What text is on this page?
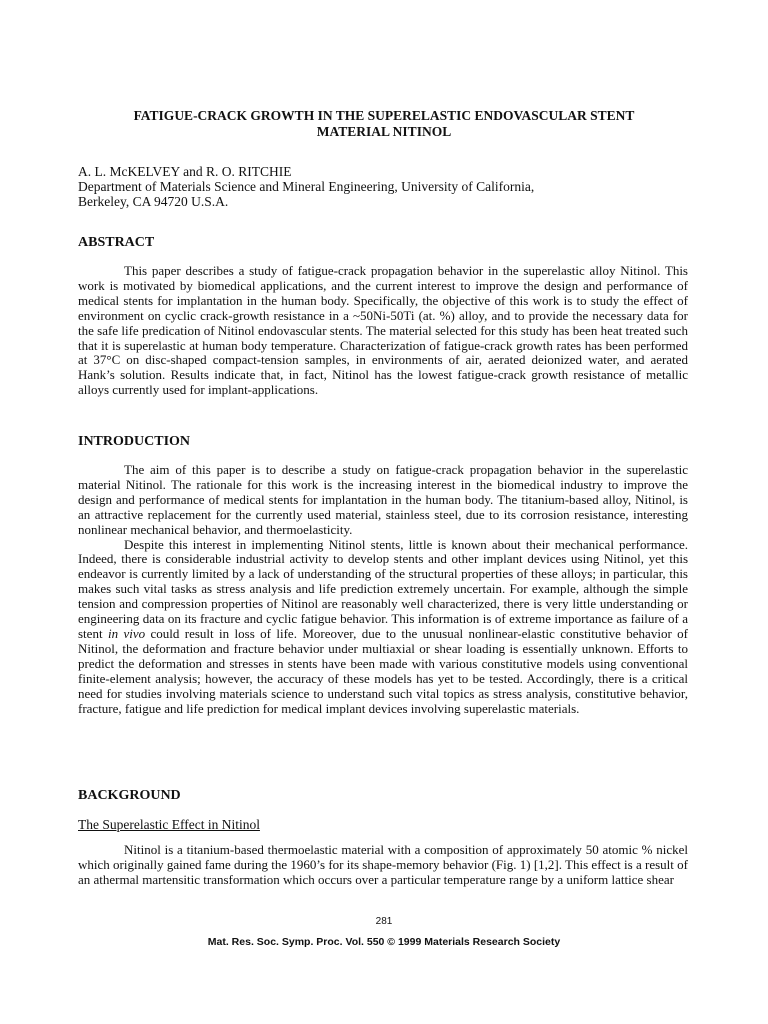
FATIGUE-CRACK GROWTH IN THE SUPERELASTIC ENDOVASCULAR STENT
MATERIAL NITINOL
A. L. McKELVEY and R. O. RITCHIE
Department of Materials Science and Mineral Engineering, University of California,
Berkeley, CA 94720 U.S.A.
ABSTRACT
This paper describes a study of fatigue-crack propagation behavior in the superelastic alloy Nitinol. This work is motivated by biomedical applications, and the current interest to improve the design and performance of medical stents for implantation in the human body. Specifically, the objective of this work is to study the effect of environment on cyclic crack-growth resistance in a ~50Ni-50Ti (at. %) alloy, and to provide the necessary data for the safe life predication of Nitinol endovascular stents. The material selected for this study has been heat treated such that it is superelastic at human body temperature. Characterization of fatigue-crack growth rates has been performed at 37°C on disc-shaped compact-tension samples, in environments of air, aerated deionized water, and aerated Hank’s solution. Results indicate that, in fact, Nitinol has the lowest fatigue-crack growth resistance of metallic alloys currently used for implant-applications.
INTRODUCTION

The aim of this paper is to describe a study on fatigue-crack propagation behavior in the superelastic material Nitinol. The rationale for this work is the increasing interest in the biomedical industry to improve the design and performance of medical stents for implantation in the human body. The titanium-based alloy, Nitinol, is an attractive replacement for the currently used material, stainless steel, due to its corrosion resistance, interesting nonlinear mechanical behavior, and thermoelasticity.

Despite this interest in implementing Nitinol stents, little is known about their mechanical performance. Indeed, there is considerable industrial activity to develop stents and other implant devices using Nitinol, yet this endeavor is currently limited by a lack of understanding of the structural properties of these alloys; in particular, this makes such vital tasks as stress analysis and life prediction extremely uncertain. For example, although the simple tension and compression properties of Nitinol are reasonably well characterized, there is very little understanding or engineering data on its fracture and cyclic fatigue behavior. This information is of extreme importance as failure of a stent in vivo could result in loss of life. Moreover, due to the unusual nonlinear-elastic constitutive behavior of Nitinol, the deformation and fracture behavior under multiaxial or shear loading is essentially unknown. Efforts to predict the deformation and stresses in stents have been made with various constitutive models using conventional finite-element analysis; however, the accuracy of these models has yet to be tested. Accordingly, there is a critical need for studies involving materials science to understand such vital topics as stress analysis, constitutive behavior, fracture, fatigue and life prediction for medical implant devices involving superelastic materials.

BACKGROUND
The Superelastic Effect in Nitinol
Nitinol is a titanium-based thermoelastic material with a composition of approximately 50 atomic % nickel which originally gained fame during the 1960’s for its shape-memory behavior (Fig. 1) [1,2]. This effect is a result of an athermal martensitic transformation which occurs over a particular temperature range by a uniform lattice shear
281
Mat. Res. Soc. Symp. Proc. Vol. 550 © 1999 Materials Research Society
